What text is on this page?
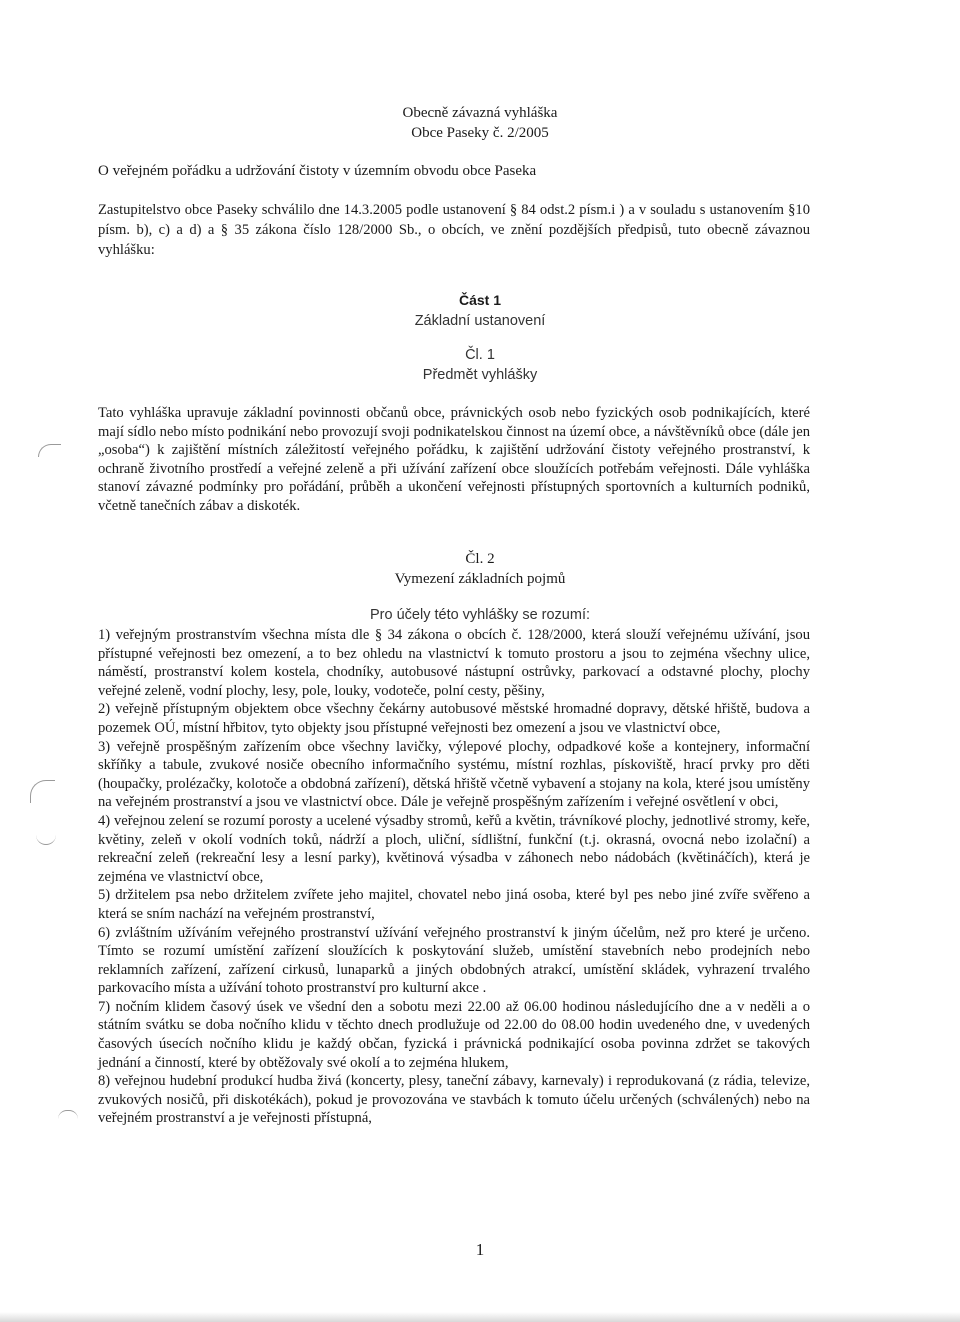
Obecně závazná vyhláška
Obce Paseky č. 2/2005
O veřejném pořádku a udržování čistoty v územním obvodu obce Paseka

Zastupitelstvo obce Paseky schválilo dne 14.3.2005 podle ustanovení § 84 odst.2 písm.i ) a v souladu s ustanovením §10 písm. b), c) a d) a § 35 zákona číslo 128/2000 Sb., o obcích, ve znění pozdějších předpisů, tuto obecně závaznou vyhlášku:

Část 1
Základní ustanovení
Čl. 1
Předmět vyhlášky

Tato vyhláška upravuje základní povinnosti občanů obce, právnických osob nebo fyzických osob podnikajících, které mají sídlo nebo místo podnikání nebo provozují svoji podnikatelskou činnost na území obce, a návštěvníků obce (dále jen „osoba“) k zajištění místních záležitostí veřejného pořádku, k zajištění udržování čistoty veřejného prostranství, k ochraně životního prostředí a veřejné zeleně a při užívání zařízení obce sloužících potřebám veřejnosti. Dále vyhláška stanoví závazné podmínky pro pořádání, průběh a ukončení veřejnosti přístupných sportovních a kulturních podniků, včetně tanečních zábav a diskoték.

Čl. 2
Vymezení základních pojmů
Pro účely této vyhlášky se rozumí:

1) veřejným prostranstvím všechna místa dle § 34 zákona o obcích č. 128/2000, která slouží veřejnému užívání, jsou přístupné veřejnosti bez omezení, a to bez ohledu na vlastnictví k tomuto prostoru a jsou to zejména všechny ulice, náměstí, prostranství kolem kostela, chodníky, autobusové nástupní ostrůvky, parkovací a odstavné plochy, plochy veřejné zeleně, vodní plochy, lesy, pole, louky, vodoteče, polní cesty, pěšiny,

2) veřejně přístupným objektem obce všechny čekárny autobusové městské hromadné dopravy, dětské hřiště, budova a pozemek OÚ, místní hřbitov, tyto objekty jsou přístupné veřejnosti bez omezení a jsou ve vlastnictví obce,

3) veřejně prospěšným zařízením obce všechny lavičky, výlepové plochy, odpadkové koše a kontejnery, informační skříňky a tabule, zvukové nosiče obecního informačního systému, místní rozhlas, pískoviště, hrací prvky pro děti (houpačky, prolézačky, kolotoče a obdobná zařízení), dětská hřiště včetně vybavení a stojany na kola, které jsou umístěny na veřejném prostranství a jsou ve vlastnictví obce. Dále je veřejně prospěšným zařízením i veřejné osvětlení v obci,

4) veřejnou zelení se rozumí porosty a ucelené výsadby stromů, keřů a květin, trávníkové plochy, jednotlivé stromy, keře, květiny, zeleň v okolí vodních toků, nádrží a ploch, uliční, sídlištní, funkční (t.j. okrasná, ovocná nebo izolační) a rekreační zeleň (rekreační lesy a lesní parky), květinová výsadba v záhonech nebo nádobách (květináčích), která je zejména ve vlastnictví obce,

5) držitelem psa nebo držitelem zvířete jeho majitel, chovatel nebo jiná osoba, které byl pes nebo jiné zvíře svěřeno a která se sním nachází na veřejném prostranství,

6) zvláštním užíváním veřejného prostranství užívání veřejného prostranství k jiným účelům, než pro které je určeno. Tímto se rozumí umístění zařízení sloužících k poskytování služeb, umístění stavebních nebo prodejních nebo reklamních zařízení, zařízení cirkusů, lunaparků a jiných obdobných atrakcí, umístění skládek, vyhrazení trvalého parkovacího místa a užívání tohoto prostranství pro kulturní akce .

7) nočním klidem časový úsek ve všední den a sobotu mezi 22.00 až 06.00 hodinou následujícího dne a v neděli a o státním svátku se doba nočního klidu v těchto dnech prodlužuje od 22.00 do 08.00 hodin uvedeného dne, v uvedených časových úsecích nočního klidu je každý občan, fyzická i právnická podnikající osoba povinna zdržet se takových jednání a činností, které by obtěžovaly své okolí a to zejména hlukem,

8) veřejnou hudební produkcí hudba živá (koncerty, plesy, taneční zábavy, karnevaly) i reprodukovaná (z rádia, televize, zvukových nosičů, při diskotékách), pokud je provozována ve stavbách k tomuto účelu určených (schválených) nebo na veřejném prostranství a je veřejnosti přístupná,

1
